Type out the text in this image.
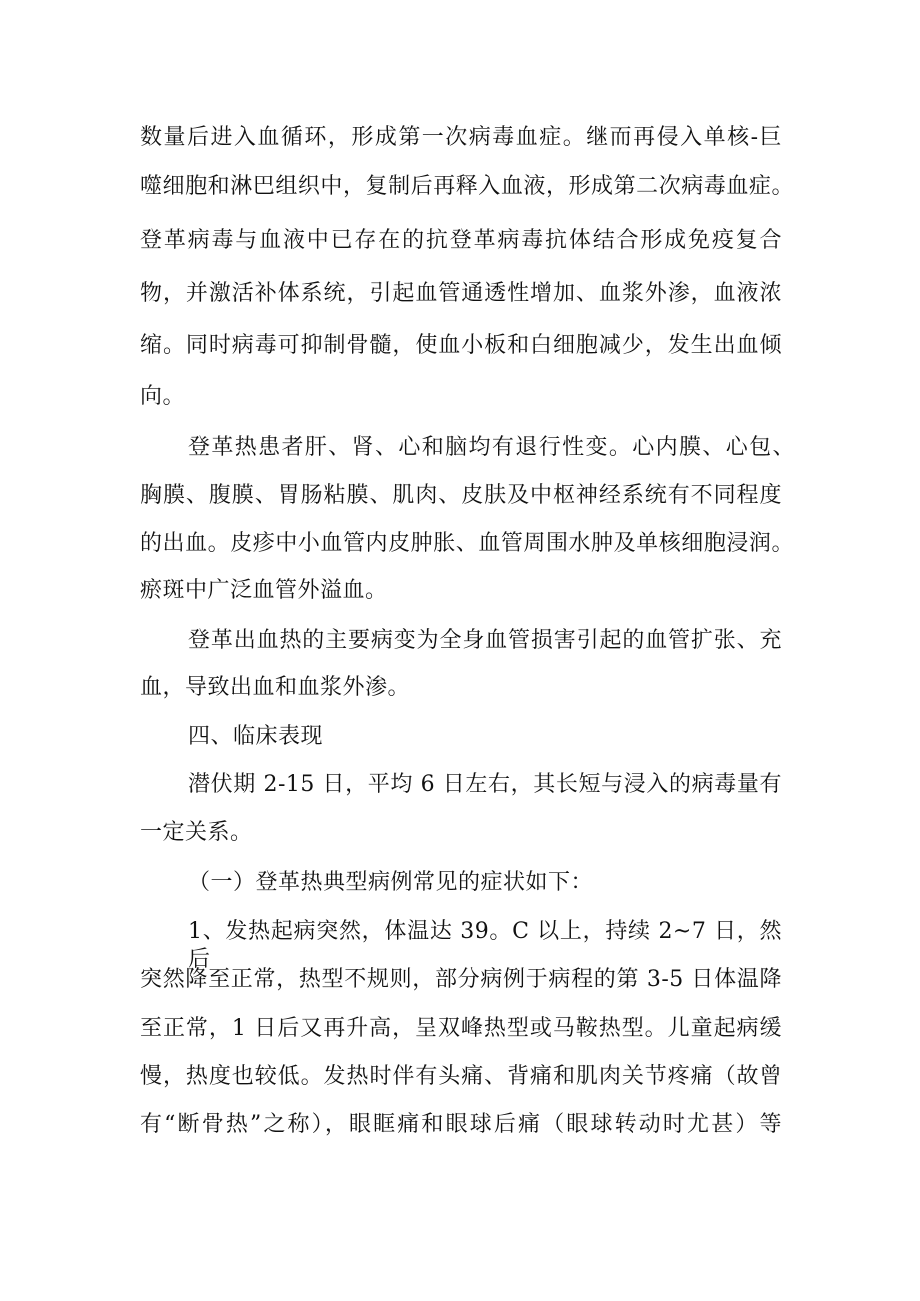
数量后进入血循环，形成第一次病毒血症。继而再侵入单核-巨
噬细胞和淋巴组织中，复制后再释入血液，形成第二次病毒血症。
登革病毒与血液中已存在的抗登革病毒抗体结合形成免疫复合
物，并激活补体系统，引起血管通透性增加、血浆外渗，血液浓
缩。同时病毒可抑制骨髓，使血小板和白细胞减少，发生出血倾
向。
登革热患者肝、肾、心和脑均有退行性变。心内膜、心包、
胸膜、腹膜、胃肠粘膜、肌肉、皮肤及中枢神经系统有不同程度
的出血。皮疹中小血管内皮肿胀、血管周围水肿及单核细胞浸润。
瘀斑中广泛血管外溢血。
登革出血热的主要病变为全身血管损害引起的血管扩张、充
血，导致出血和血浆外渗。
四、临床表现
潜伏期 2-15 日，平均 6 日左右，其长短与浸入的病毒量有
一定关系。
（一）登革热典型病例常见的症状如下：
1、发热起病突然，体温达 39。C 以上，持续 2~7 日，然后
突然降至正常，热型不规则，部分病例于病程的第 3-5 日体温降
至正常，1 日后又再升高，呈双峰热型或马鞍热型。儿童起病缓
慢，热度也较低。发热时伴有头痛、背痛和肌肉关节疼痛（故曾
有“断骨热”之称），眼眶痛和眼球后痛（眼球转动时尤甚）等
